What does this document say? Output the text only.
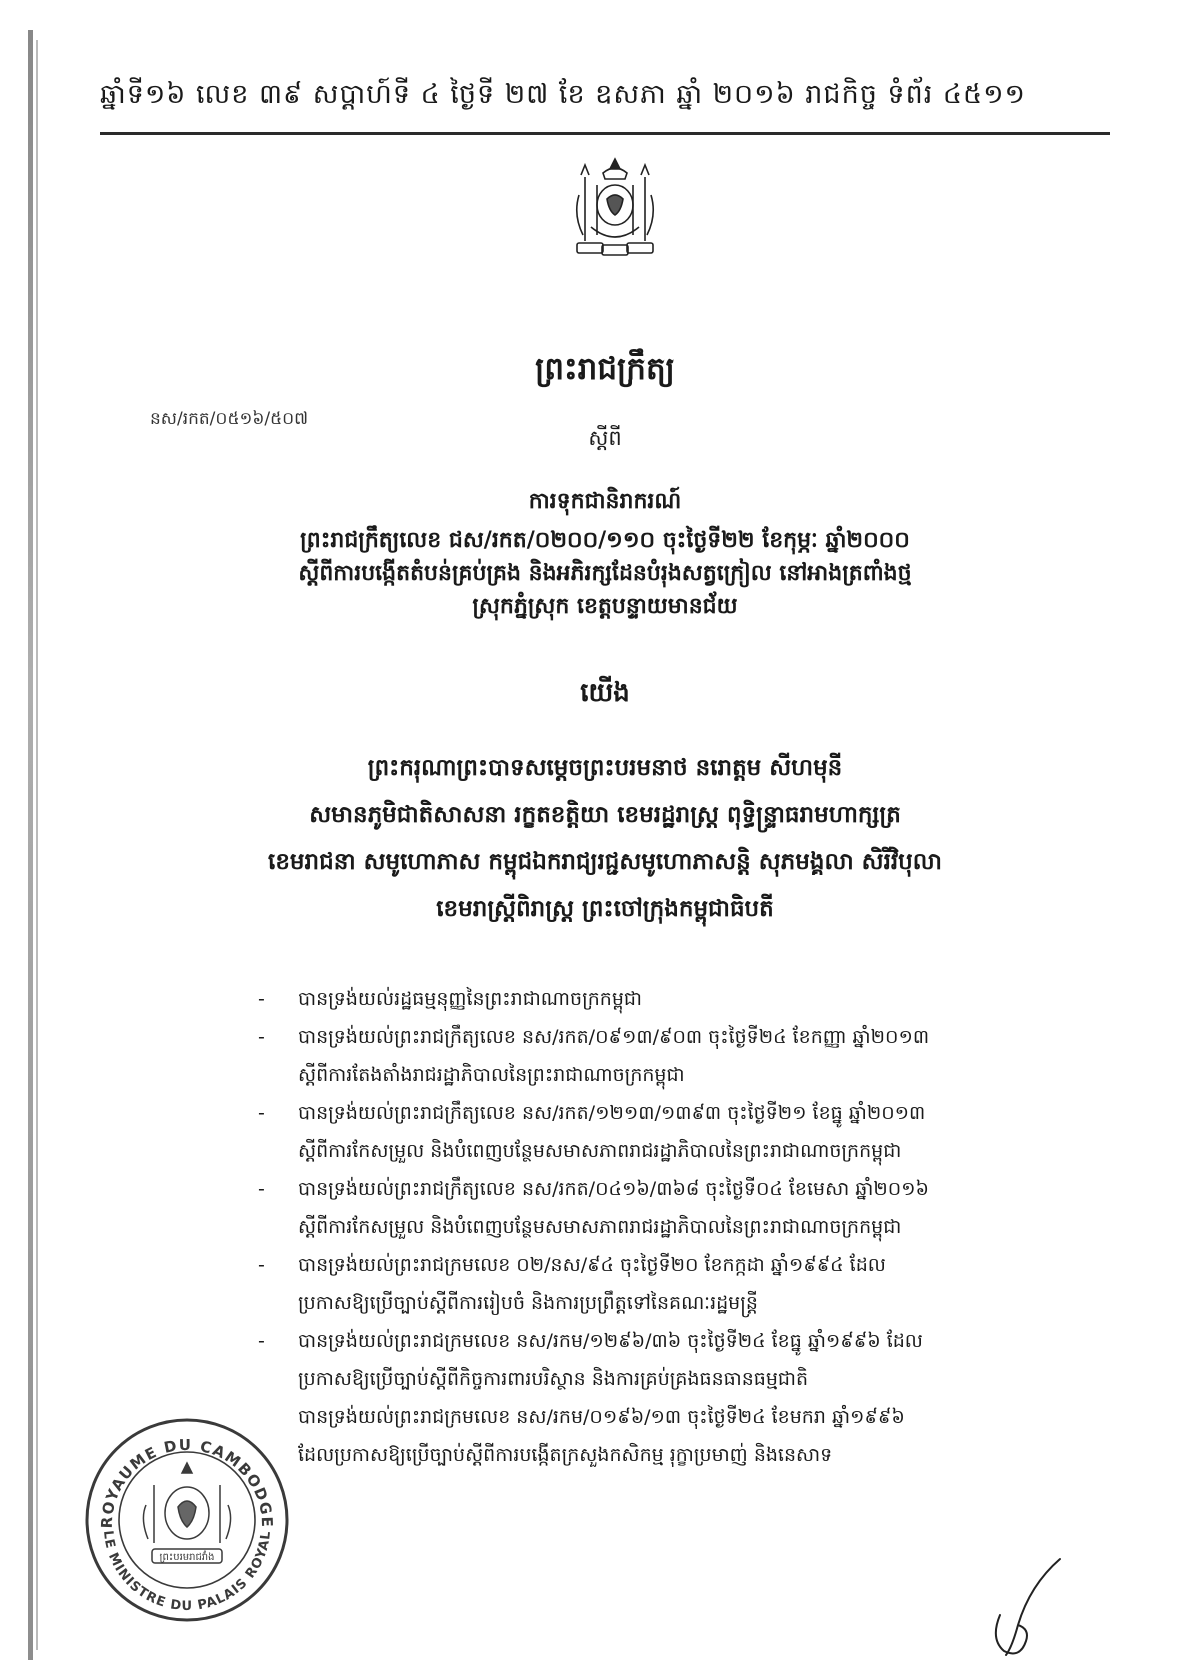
ឆ្នាំទី១៦ លេខ ៣៩ សប្តាហ៍ទី ៤ ថ្ងៃទី ២៧ ខែ ឧសភា ឆ្នាំ ២០១៦ រាជកិច្ច ទំព័រ ៤៥១១
ព្រះរាជក្រឹត្យ
នស/រកត/០៥១៦/៥០៧
ស្តីពី
ការទុកជានិរាករណ៍
ព្រះរាជក្រឹត្យលេខ ជស/រកត/០២០០/១១០ ចុះថ្ងៃទី២២ ខែកុម្ភៈ ឆ្នាំ២០០០
ស្តីពីការបង្កើតតំបន់គ្រប់គ្រង និងអភិរក្សដែនបំរុងសត្វក្រៀល នៅអាងត្រពាំងថ្ម
ស្រុកភ្នំស្រុក ខេត្តបន្ទាយមានជ័យ
យើង
ព្រះករុណាព្រះបាទសម្តេចព្រះបរមនាថ នរោត្តម សីហមុនី
សមានភូមិជាតិសាសនា រក្ខតខត្តិយា ខេមរដ្ឋរាស្ត្រ ពុទ្ធិន្ទ្រាធរាមហាក្សត្រ
ខេមរាជនា សមូហោភាស កម្ពុជឯករាជ្យរជ្ជសមូហោភាសន្តិ សុភមង្គលា សិរីវិបុលា
ខេមរាស្ត្រីពិរាស្ត្រ ព្រះចៅក្រុងកម្ពុជាធិបតី
- បានទ្រង់យល់រដ្ឋធម្មនុញ្ញនៃព្រះរាជាណាចក្រកម្ពុជា
- បានទ្រង់យល់ព្រះរាជក្រឹត្យលេខ នស/រកត/០៩១៣/៩០៣ ចុះថ្ងៃទី២៤ ខែកញ្ញា ឆ្នាំ២០១៣
ស្តីពីការតែងតាំងរាជរដ្ឋាភិបាលនៃព្រះរាជាណាចក្រកម្ពុជា
- បានទ្រង់យល់ព្រះរាជក្រឹត្យលេខ នស/រកត/១២១៣/១៣៩៣ ចុះថ្ងៃទី២១ ខែធ្នូ ឆ្នាំ២០១៣
ស្តីពីការកែសម្រួល និងបំពេញបន្ថែមសមាសភាពរាជរដ្ឋាភិបាលនៃព្រះរាជាណាចក្រកម្ពុជា
- បានទ្រង់យល់ព្រះរាជក្រឹត្យលេខ នស/រកត/០៤១៦/៣៦៨ ចុះថ្ងៃទី០៤ ខែមេសា ឆ្នាំ២០១៦
ស្តីពីការកែសម្រួល និងបំពេញបន្ថែមសមាសភាពរាជរដ្ឋាភិបាលនៃព្រះរាជាណាចក្រកម្ពុជា
- បានទ្រង់យល់ព្រះរាជក្រមលេខ ០២/នស/៩៤ ចុះថ្ងៃទី២០ ខែកក្កដា ឆ្នាំ១៩៩៤ ដែល
ប្រកាសឱ្យប្រើច្បាប់ស្តីពីការរៀបចំ និងការប្រព្រឹត្តទៅនៃគណៈរដ្ឋមន្ត្រី
- បានទ្រង់យល់ព្រះរាជក្រមលេខ នស/រកម/១២៩៦/៣៦ ចុះថ្ងៃទី២៤ ខែធ្នូ ឆ្នាំ១៩៩៦ ដែល
ប្រកាសឱ្យប្រើច្បាប់ស្តីពីកិច្ចការពារបរិស្ថាន និងការគ្រប់គ្រងធនធានធម្មជាតិ
បានទ្រង់យល់ព្រះរាជក្រមលេខ នស/រកម/០១៩៦/១៣ ចុះថ្ងៃទី២៤ ខែមករា ឆ្នាំ១៩៩៦
ដែលប្រកាសឱ្យប្រើច្បាប់ស្តីពីការបង្កើតក្រសួងកសិកម្ម រុក្ខាប្រមាញ់ និងនេសាទ
ROYAUME DU CAMBODGE
LE MINISTRE DU PALAIS ROYAL
ព្រះបរមរាជវាំង
